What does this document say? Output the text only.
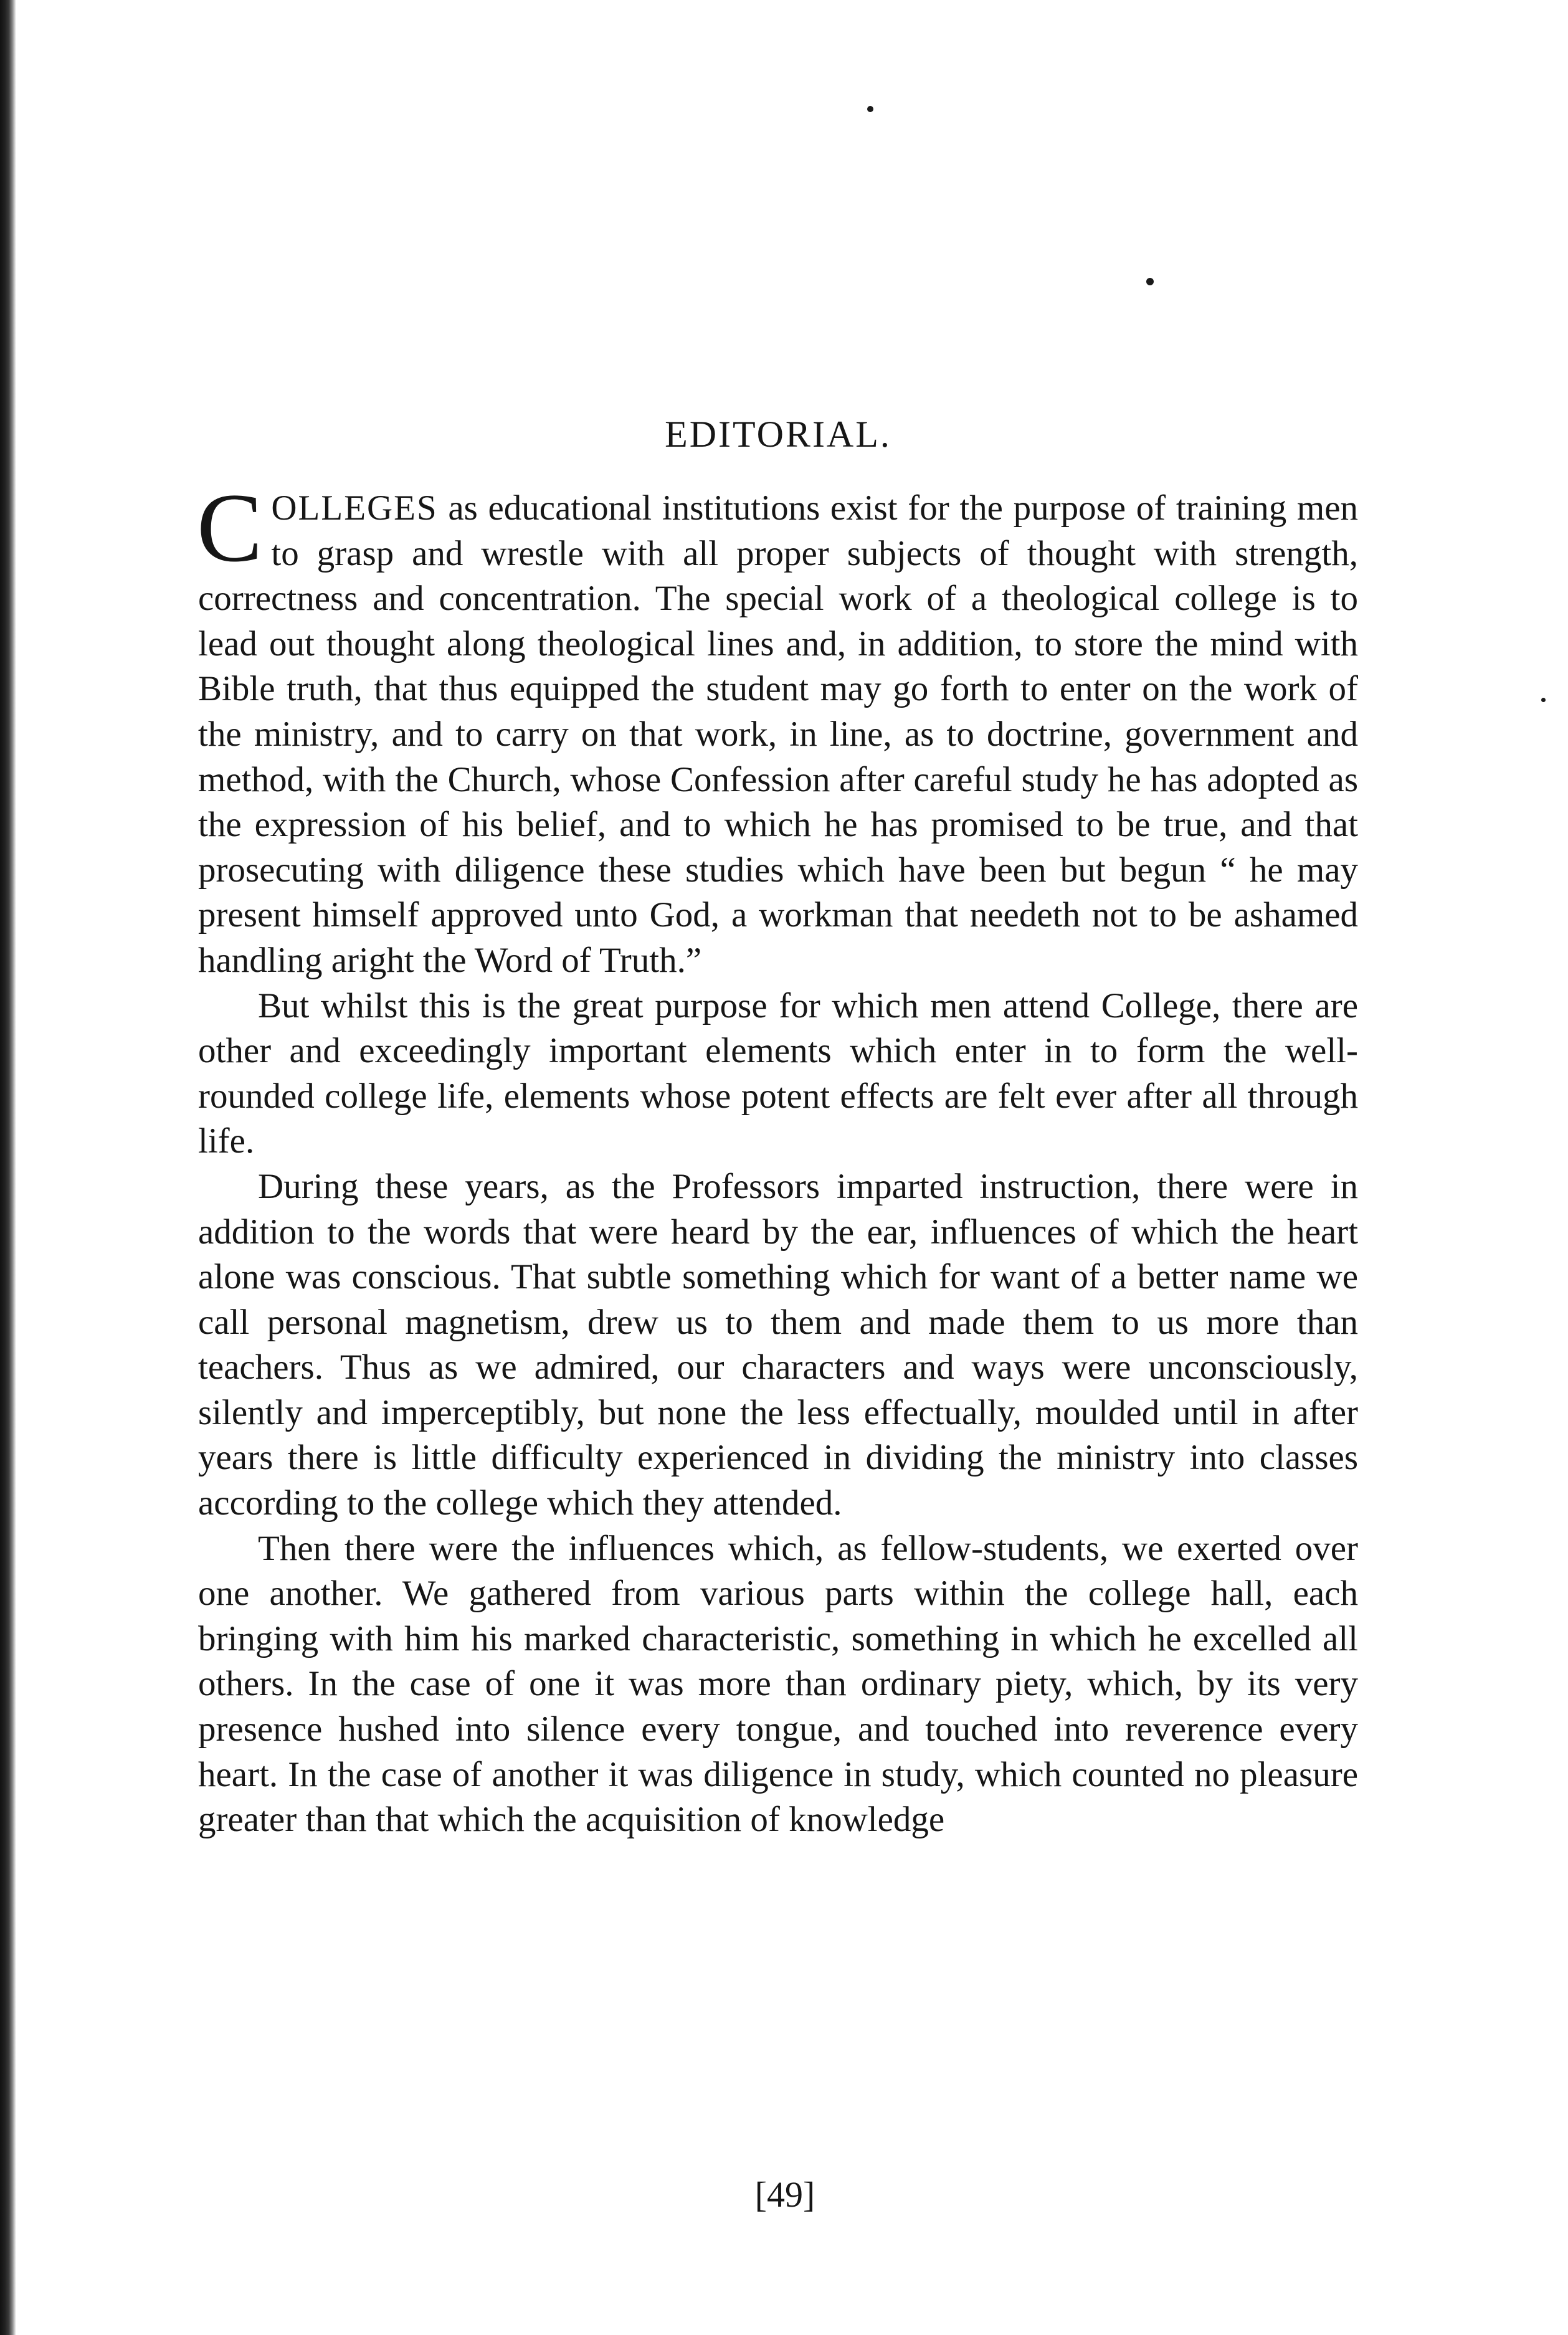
EDITORIAL.

COLLEGES as educational institutions exist for the purpose of training men to grasp and wrestle with all proper subjects of thought with strength, correctness and concentration. The special work of a theological college is to lead out thought along theological lines and, in addition, to store the mind with Bible truth, that thus equipped the student may go forth to enter on the work of the ministry, and to carry on that work, in line, as to doctrine, government and method, with the Church, whose Confession after careful study he has adopted as the expression of his belief, and to which he has promised to be true, and that prosecuting with diligence these studies which have been but begun “ he may present himself approved unto God, a workman that needeth not to be ashamed handling aright the Word of Truth.”

But whilst this is the great purpose for which men attend College, there are other and exceedingly important elements which enter in to form the well-rounded college life, elements whose potent effects are felt ever after all through life.

During these years, as the Professors imparted instruction, there were in addition to the words that were heard by the ear, influences of which the heart alone was conscious. That subtle something which for want of a better name we call personal magnetism, drew us to them and made them to us more than teachers. Thus as we admired, our characters and ways were unconsciously, silently and imperceptibly, but none the less effectually, moulded until in after years there is little difficulty experienced in dividing the ministry into classes according to the college which they attended.

Then there were the influences which, as fellow-students, we exerted over one another. We gathered from various parts within the college hall, each bringing with him his marked characteristic, something in which he excelled all others. In the case of one it was more than ordinary piety, which, by its very presence hushed into silence every tongue, and touched into reverence every heart. In the case of another it was diligence in study, which counted no pleasure greater than that which the acquisition of knowledge

[49]
